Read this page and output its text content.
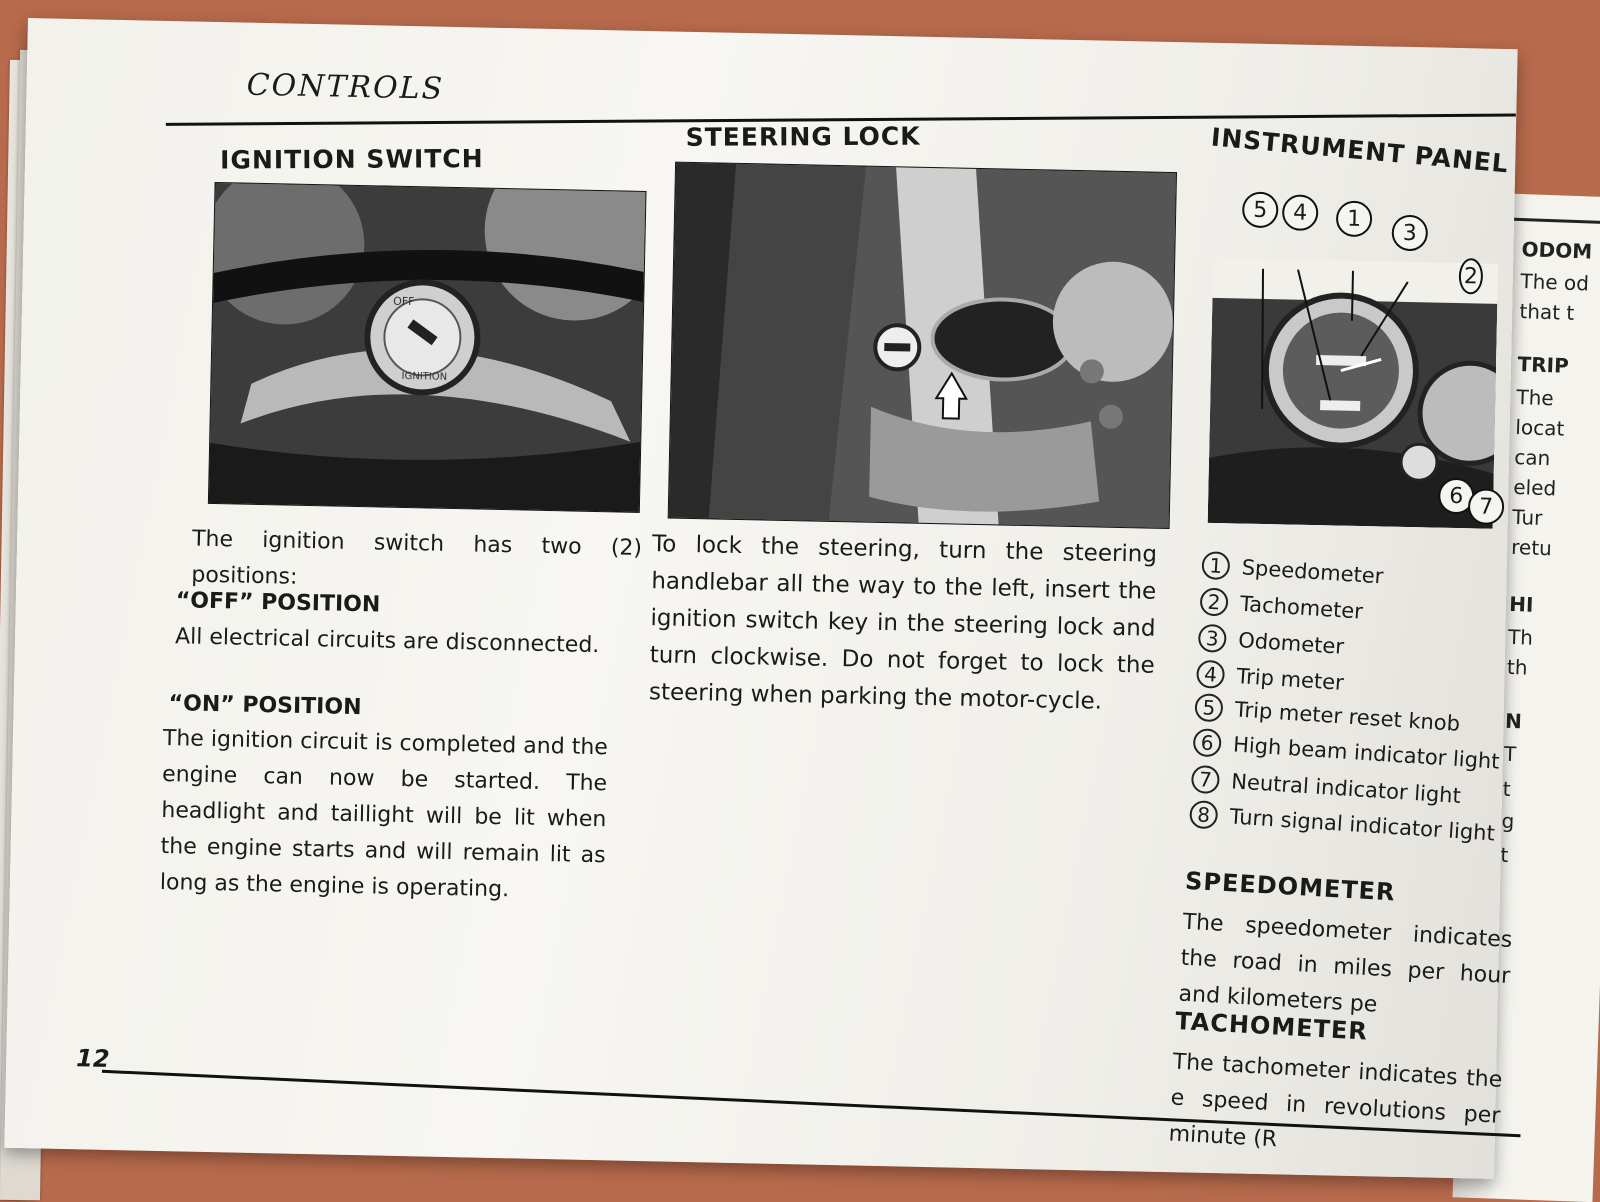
ODOM
The od
that t
TRIP
The
locat
can
eled
Tur
retu
HI
Th
th
N
T
t
g
t
CONTROLS
IGNITION SWITCH
OFF
IGNITION
The ignition switch has two (2) positions:
“OFF” POSITION
All electrical circuits are disconnected.
“ON” POSITION
The ignition circuit is completed and the engine can now be started. The headlight and taillight will be lit when the engine starts and will remain lit as long as the engine is operating.
STEERING LOCK
To lock the steering, turn the steering handlebar all the way to the left, insert the ignition switch key in the steering lock and turn clockwise. Do not forget to lock the steering when parking the motor-cycle.
INSTRUMENT PANEL
5	4	1
3
2
6 7
1 Speedometer
2 Tachometer
3 Odometer
4 Trip meter
5 Trip meter reset knob
6 High beam indicator light
7 Neutral indicator light
8 Turn signal indicator light
SPEEDOMETER
The speedometer indicates the road in miles per hour and kilometers pe
TACHOMETER
The tachometer indicates the e speed in revolutions per minute (R
12
